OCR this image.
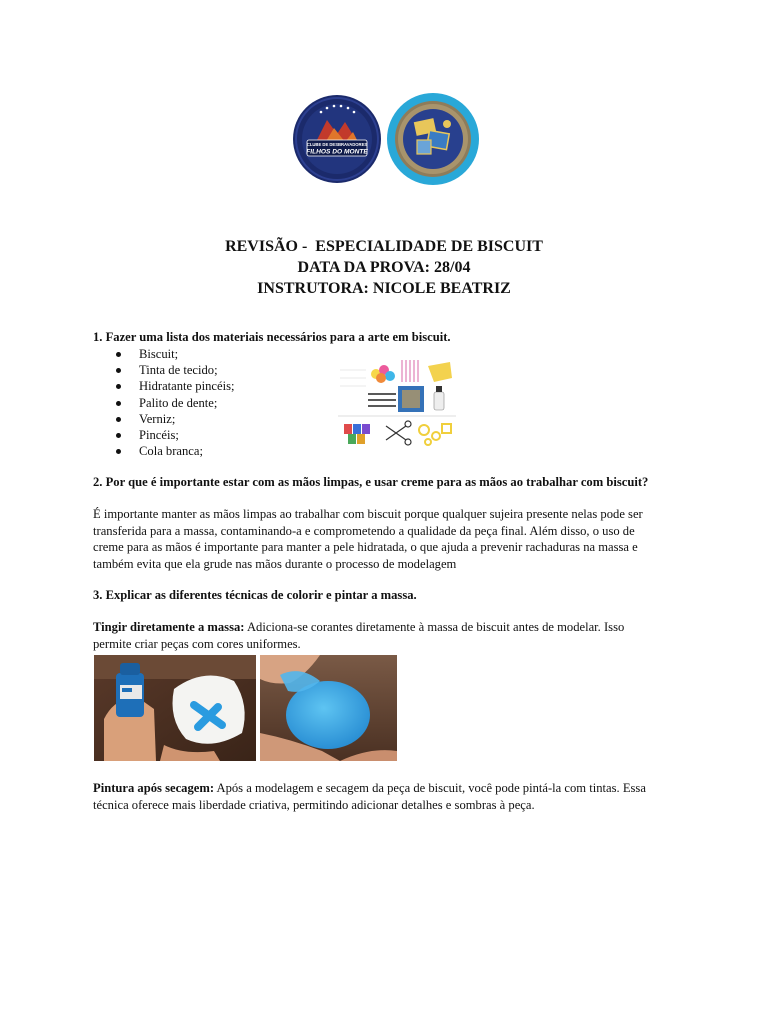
CLUBE DE DESBRAVADORES
FILHOS DO MONTE
REVISÃO -  ESPECIALIDADE DE BISCUIT
DATA DA PROVA: 28/04
INSTRUTORA: NICOLE BEATRIZ
1. Fazer uma lista dos materiais necessários para a arte em biscuit.
Biscuit;
Tinta de tecido;
Hidratante pincéis;
Palito de dente;
Verniz;
Pincéis;
Cola branca;
2. Por que é importante estar com as mãos limpas, e usar creme para as mãos ao trabalhar com biscuit?
É importante manter as mãos limpas ao trabalhar com biscuit porque qualquer sujeira presente nelas pode ser
transferida para a massa, contaminando-a e comprometendo a qualidade da peça final. Além disso, o uso de
creme para as mãos é importante para manter a pele hidratada, o que ajuda a prevenir rachaduras na massa e
também evita que ela grude nas mãos durante o processo de modelagem
3. Explicar as diferentes técnicas de colorir e pintar a massa.
Tingir diretamente a massa: Adiciona-se corantes diretamente à massa de biscuit antes de modelar. Isso
permite criar peças com cores uniformes.
Pintura após secagem: Após a modelagem e secagem da peça de biscuit, você pode pintá-la com tintas. Essa
técnica oferece mais liberdade criativa, permitindo adicionar detalhes e sombras à peça.
